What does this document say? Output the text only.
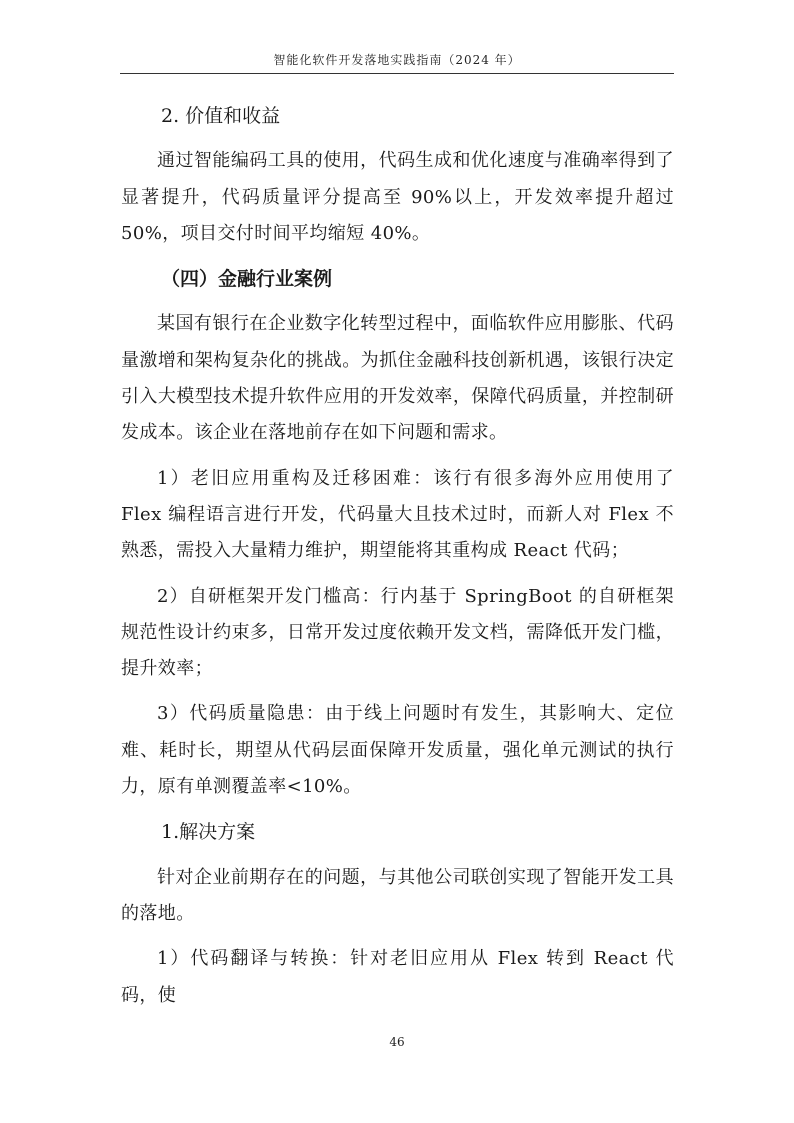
智能化软件开发落地实践指南（2024 年）
2. 价值和收益

通过智能编码工具的使用，代码生成和优化速度与准确率得到了显著提升，代码质量评分提高至 90%以上，开发效率提升超过 50%，项目交付时间平均缩短 40%。

（四）金融行业案例

某国有银行在企业数字化转型过程中，面临软件应用膨胀、代码量激增和架构复杂化的挑战。为抓住金融科技创新机遇，该银行决定引入大模型技术提升软件应用的开发效率，保障代码质量，并控制研发成本。该企业在落地前存在如下问题和需求。

1）老旧应用重构及迁移困难：该行有很多海外应用使用了 Flex 编程语言进行开发，代码量大且技术过时，而新人对 Flex 不熟悉，需投入大量精力维护，期望能将其重构成 React 代码；

2）自研框架开发门槛高：行内基于 SpringBoot 的自研框架规范性设计约束多，日常开发过度依赖开发文档，需降低开发门槛，提升效率；

3）代码质量隐患：由于线上问题时有发生，其影响大、定位难、耗时长，期望从代码层面保障开发质量，强化单元测试的执行力，原有单测覆盖率<10%。

1.解决方案

针对企业前期存在的问题，与其他公司联创实现了智能开发工具的落地。

1）代码翻译与转换：针对老旧应用从 Flex 转到 React 代码，使

46
